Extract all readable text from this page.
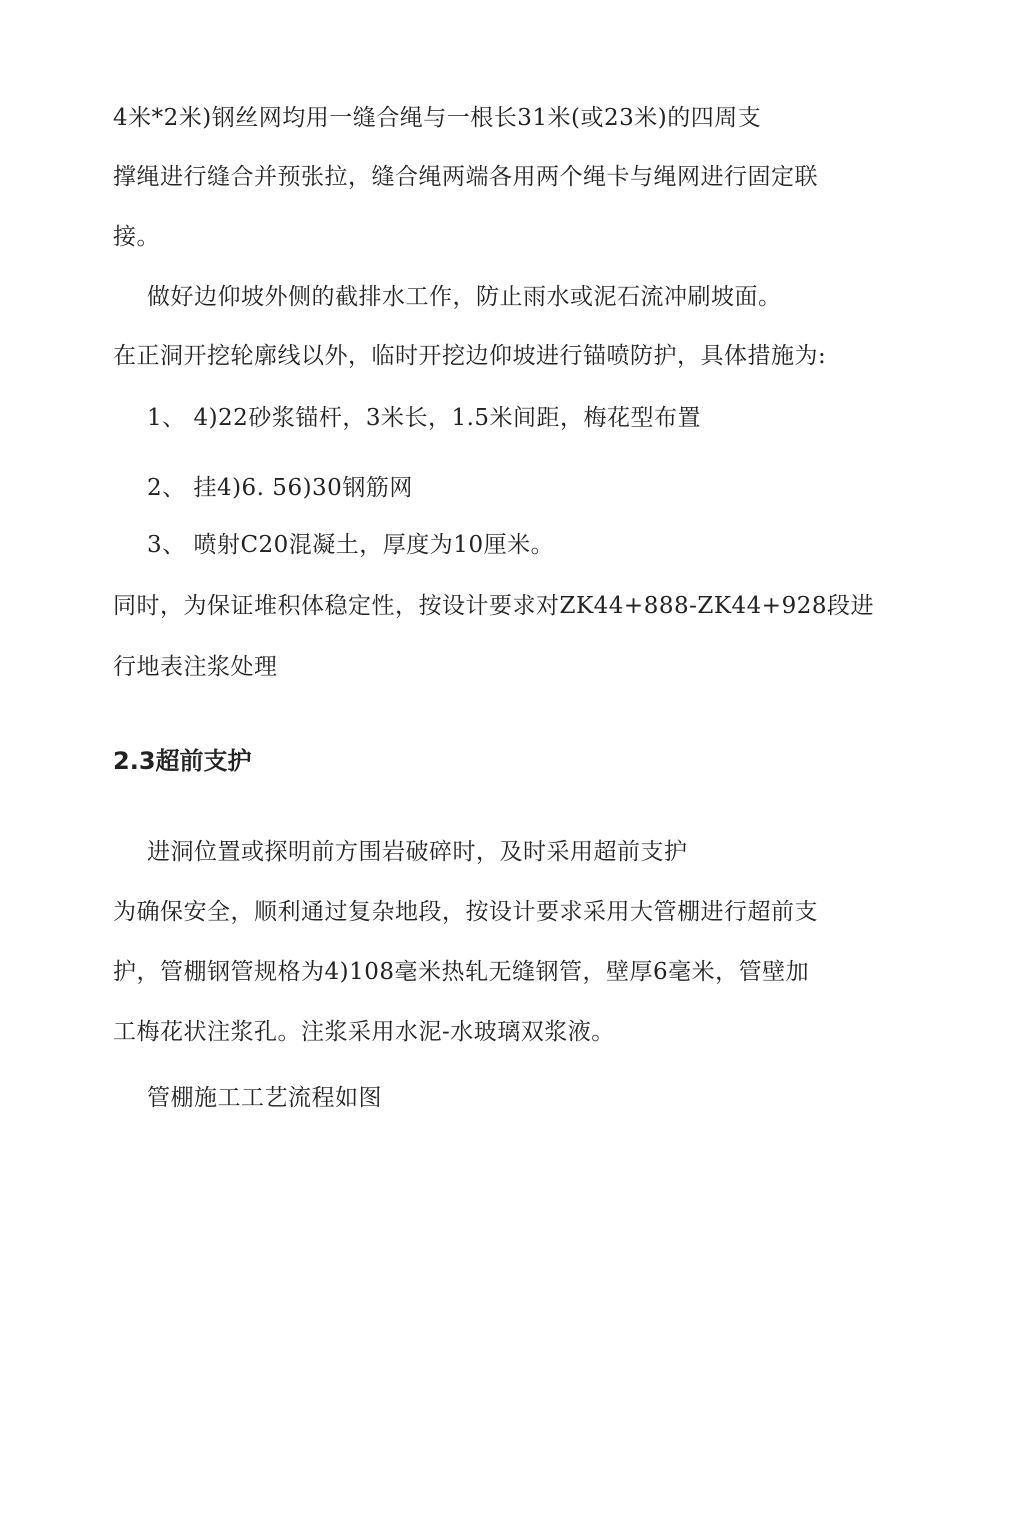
4米*2米)钢丝网均用一缝合绳与一根长31米(或23米)的四周支
撑绳进行缝合并预张拉，缝合绳两端各用两个绳卡与绳网进行固定联
接。
做好边仰坡外侧的截排水工作，防止雨水或泥石流冲刷坡面。
在正洞开挖轮廓线以外，临时开挖边仰坡进行锚喷防护，具体措施为:
1、 4)22砂浆锚杆，3米长，1.5米间距，梅花型布置
2、 挂4)6. 56)30钢筋网
3、 喷射C20混凝土，厚度为10厘米。
同时，为保证堆积体稳定性，按设计要求对ZK44+888-ZK44+928段进
行地表注浆处理
2.3超前支护
进洞位置或探明前方围岩破碎时，及时采用超前支护
为确保安全，顺利通过复杂地段，按设计要求采用大管棚进行超前支
护，管棚钢管规格为4)108毫米热轧无缝钢管，壁厚6毫米，管壁加
工梅花状注浆孔。注浆采用水泥-水玻璃双浆液。
管棚施工工艺流程如图
